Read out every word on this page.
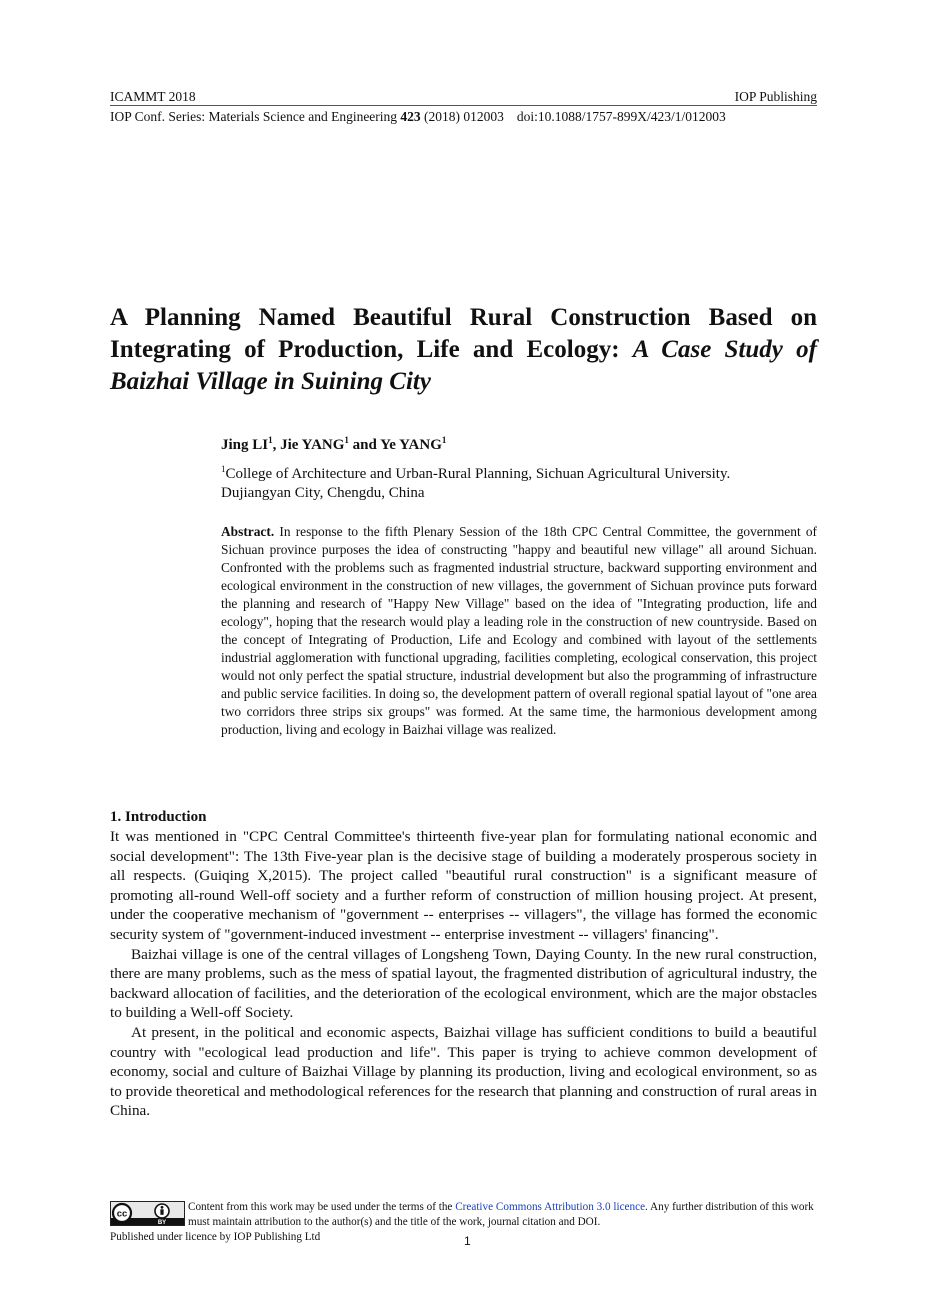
ICAMMT 2018	IOP Publishing
IOP Conf. Series: Materials Science and Engineering 423 (2018) 012003 doi:10.1088/1757-899X/423/1/012003
A Planning Named Beautiful Rural Construction Based on Integrating of Production, Life and Ecology: A Case Study of Baizhai Village in Suining City
Jing $LI^1$, Jie YANG$^1$ and Ye YANG$^1$
$^1$College of Architecture and Urban-Rural Planning, Sichuan Agricultural University.
Dujiangyan City, Chengdu, China

Abstract. In response to the fifth Plenary Session of the 18th CPC Central Committee, the government of Sichuan province purposes the idea of constructing "happy and beautiful new village" all around Sichuan. Confronted with the problems such as fragmented industrial structure, backward supporting environment and ecological environment in the construction of new villages, the government of Sichuan province puts forward the planning and research of "Happy New Village" based on the idea of "Integrating production, life and ecology", hoping that the research would play a leading role in the construction of new countryside. Based on the concept of Integrating of Production, Life and Ecology and combined with layout of the settlements industrial agglomeration with functional upgrading, facilities completing, ecological conservation, this project would not only perfect the spatial structure, industrial development but also the programming of infrastructure and public service facilities. In doing so, the development pattern of overall regional spatial layout of "one area two corridors three strips six groups" was formed. At the same time, the harmonious development among production, living and ecology in Baizhai village was realized.

1. Introduction

It was mentioned in "CPC Central Committee's thirteenth five-year plan for formulating national economic and social development": The 13th Five-year plan is the decisive stage of building a moderately prosperous society in all respects. (Guiqing X,2015). The project called "beautiful rural construction" is a significant measure of promoting all-round Well-off society and a further reform of construction of million housing project. At present, under the cooperative mechanism of "government -- enterprises -- villagers", the village has formed the economic security system of "government-induced investment -- enterprise investment -- villagers' financing".

Baizhai village is one of the central villages of Longsheng Town, Daying County. In the new rural construction, there are many problems, such as the mess of spatial layout, the fragmented distribution of agricultural industry, the backward allocation of facilities, and the deterioration of the ecological environment, which are the major obstacles to building a Well-off Society.

At present, in the political and economic aspects, Baizhai village has sufficient conditions to build a beautiful country with "ecological lead production and life". This paper is trying to achieve common development of economy, social and culture of Baizhai Village by planning its production, living and ecological environment, so as to provide theoretical and methodological references for the research that planning and construction of rural areas in China.

cc
BY
Content from this work may be used under the terms of the Creative Commons Attribution 3.0 licence. Any further distribution of this work must maintain attribution to the author(s) and the title of the work, journal citation and DOI.
Published under licence by IOP Publishing Ltd	1
